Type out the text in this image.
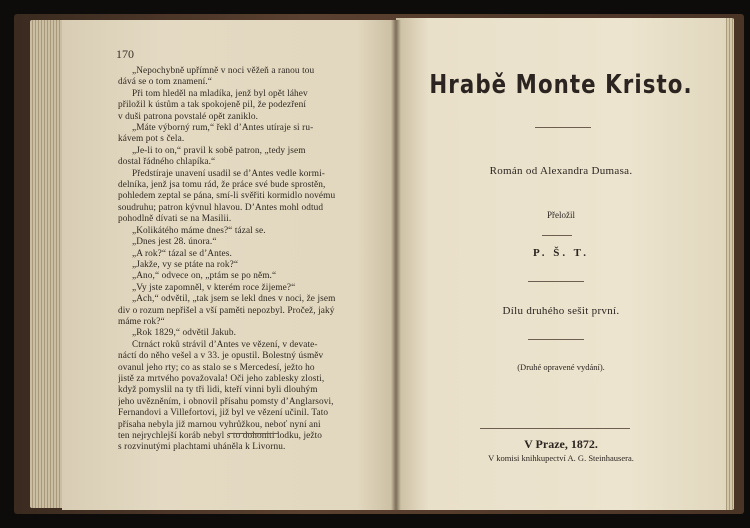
170
„Nepochybně upřímně v noci věžeň a ranou tou
dává se o tom znamení.“
Při tom hleděl na mladíka, jenž byl opět láhev
přiložil k ústům a tak spokojeně pil, že podezření
v duši patrona povstalé opět zaniklo.
„Máte výborný rum,“ řekl d’Antes utíraje si ru-
kávem pot s čela.
„Je-li to on,“ pravil k sobě patron, „tedy jsem
dostal řádného chlapíka.“
Předstíraje unavení usadil se d’Antes vedle kormi-
delníka, jenž jsa tomu rád, že práce své bude sprostěn,
pohledem zeptal se pána, smí-li svěřiti kormidlo novému
soudruhu; patron kývnul hlavou. D’Antes mohl odtud
pohodlně dívati se na Masilii.
„Kolikátého máme dnes?“ tázal se.
„Dnes jest 28. února.“
„A rok?“ tázal se d’Antes.
„Jakže, vy se ptáte na rok?“
„Ano,“ odvece on, „ptám se po něm.“
„Vy jste zapomněl, v kterém roce žijeme?“
„Ach,“ odvětil, „tak jsem se lekl dnes v noci, že jsem
div o rozum nepřišel a vší paměti nepozbyl. Pročež, jaký
máme rok?“
„Rok 1829,“ odvětil Jakub.
Čtrnáct roků strávil d’Antes ve vězení, v devate-
náctí do něho vešel a v 33. je opustil. Bolestný úsměv
ovanul jeho rty; co as stalo se s Mercedesí, ježto ho
jistě za mrtvého považovala! Oči jeho zablesky zlosti,
když pomyslil na ty tři lidi, kteří vinni byli dlouhým
jeho uvězněním, i obnovil přísahu pomsty d’Anglarsovi,
Fernandovi a Villefortovi, již byl ve vězení učinil. Tato
přísaha nebyla již marnou vyhrůžkou, neboť nyní ani
ten nejrychlejší koráb nebyl s to dohoniti lodku, ježto
s rozvinutými plachtami uháněla k Livornu.
Hrabě Monte Kristo.
Román od Alexandra Dumasa.
Přeložil
P. Š. T.
Dílu druhého sešit první.
(Druhé opravené vydání).
V Praze, 1872.
V komisi knihkupectví A. G. Steinhausera.
